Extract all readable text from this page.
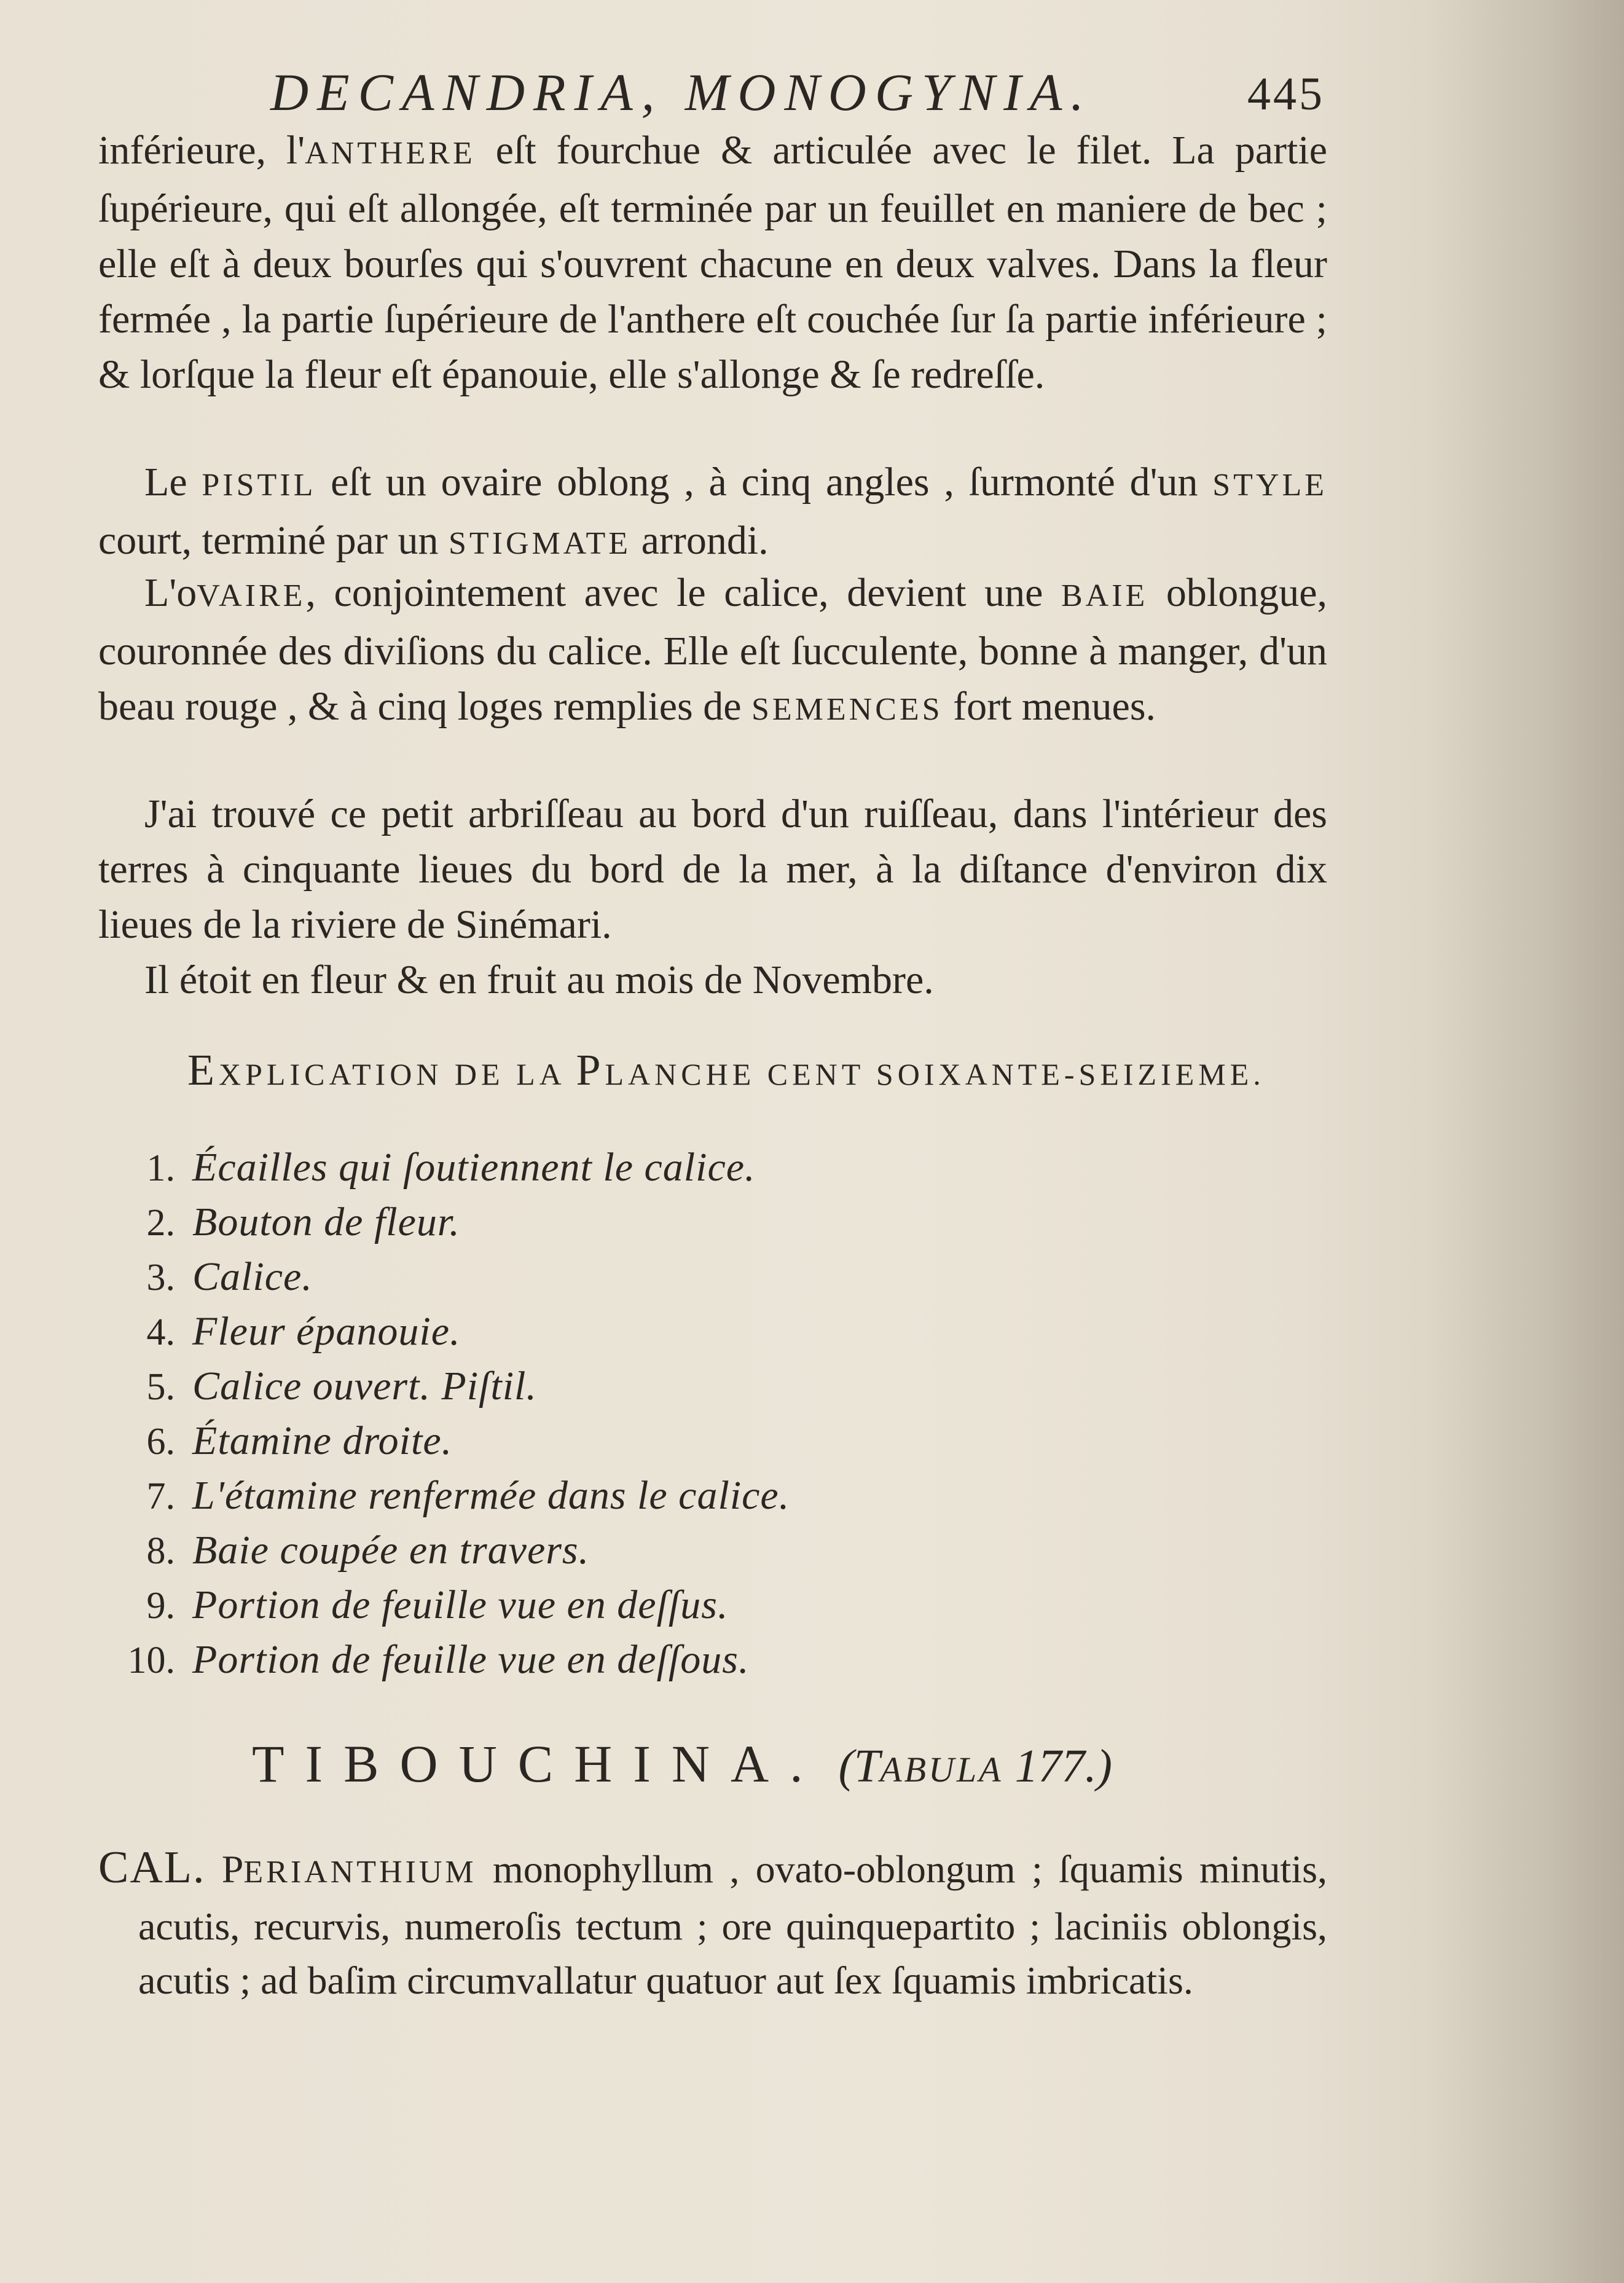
DECANDRIA, MONOGYNIA.	445

inférieure, l'ANTHERE eſt fourchue & articulée avec le filet. La partie ſupérieure, qui eſt allongée, eſt terminée par un feuillet en maniere de bec ; elle eſt à deux bourſes qui s'ouvrent chacune en deux valves. Dans la fleur fermée , la partie ſupérieure de l'anthere eſt couchée ſur ſa partie inférieure ; & lorſque la fleur eſt épanouie, elle s'allonge & ſe redreſſe.

Le PISTIL eſt un ovaire oblong , à cinq angles , ſurmonté d'un STYLE court, terminé par un STIGMATE arrondi.

L'oVAIRE, conjointement avec le calice, devient une BAIE oblongue, couronnée des diviſions du calice. Elle eſt ſucculente, bonne à manger, d'un beau rouge , & à cinq loges remplies de SEMENCES fort menues.

J'ai trouvé ce petit arbriſſeau au bord d'un ruiſſeau, dans l'intérieur des terres à cinquante lieues du bord de la mer, à la diſtance d'environ dix lieues de la riviere de Sinémari.

Il étoit en fleur & en fruit au mois de Novembre.

EXPLICATION DE LA PLANCHE CENT SOIXANTE-SEIZIEME.
1. Écailles qui ſoutiennent le calice.
2. Bouton de fleur.
3. Calice.
4. Fleur épanouie.
5. Calice ouvert. Piſtil.
6. Étamine droite.
7. L'étamine renfermée dans le calice.
8. Baie coupée en travers.
9. Portion de feuille vue en deſſus.
10. Portion de feuille vue en deſſous.
TIBOUCHINA. (TABULA 177.)

CAL. PERIANTHIUM monophyllum , ovato-oblongum ; ſquamis minutis, acutis, recurvis, numeroſis tectum ; ore quinquepartito ; laciniis oblongis, acutis ; ad baſim circumvallatur quatuor aut ſex ſquamis imbricatis.
